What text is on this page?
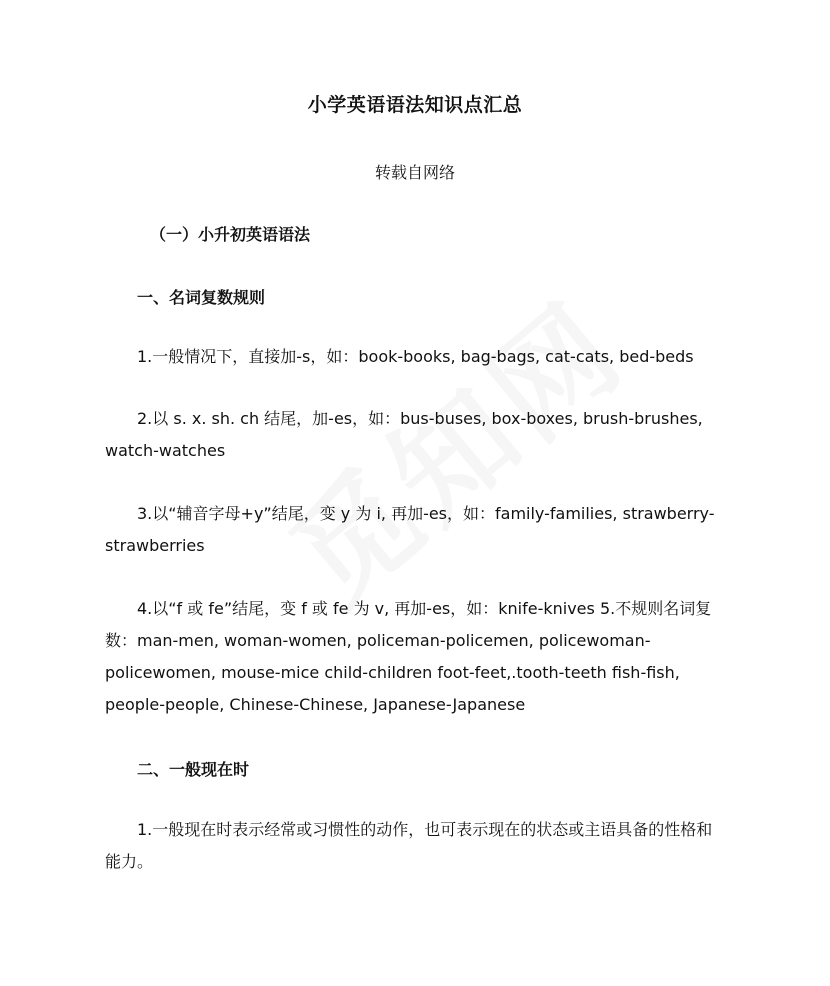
小学英语语法知识点汇总
转载自网络
（一）小升初英语语法
一、名词复数规则

1.一般情况下，直接加-s，如：book-books, bag-bags, cat-cats, bed-beds

2.以 s. x. sh. ch 结尾，加-es，如：bus-buses, box-boxes, brush-brushes, watch-watches

3.以“辅音字母+y”结尾，变 y 为 i, 再加-es，如：family-families, strawberry-strawberries

4.以“f 或 fe”结尾，变 f 或 fe 为 v, 再加-es，如：knife-knives 5.不规则名词复数：man-men, woman-women, policeman-policemen, policewoman-policewomen, mouse-mice child-children foot-feet,.tooth-teeth fish-fish, people-people, Chinese-Chinese, Japanese-Japanese

二、一般现在时

1.一般现在时表示经常或习惯性的动作，也可表示现在的状态或主语具备的性格和能力。
